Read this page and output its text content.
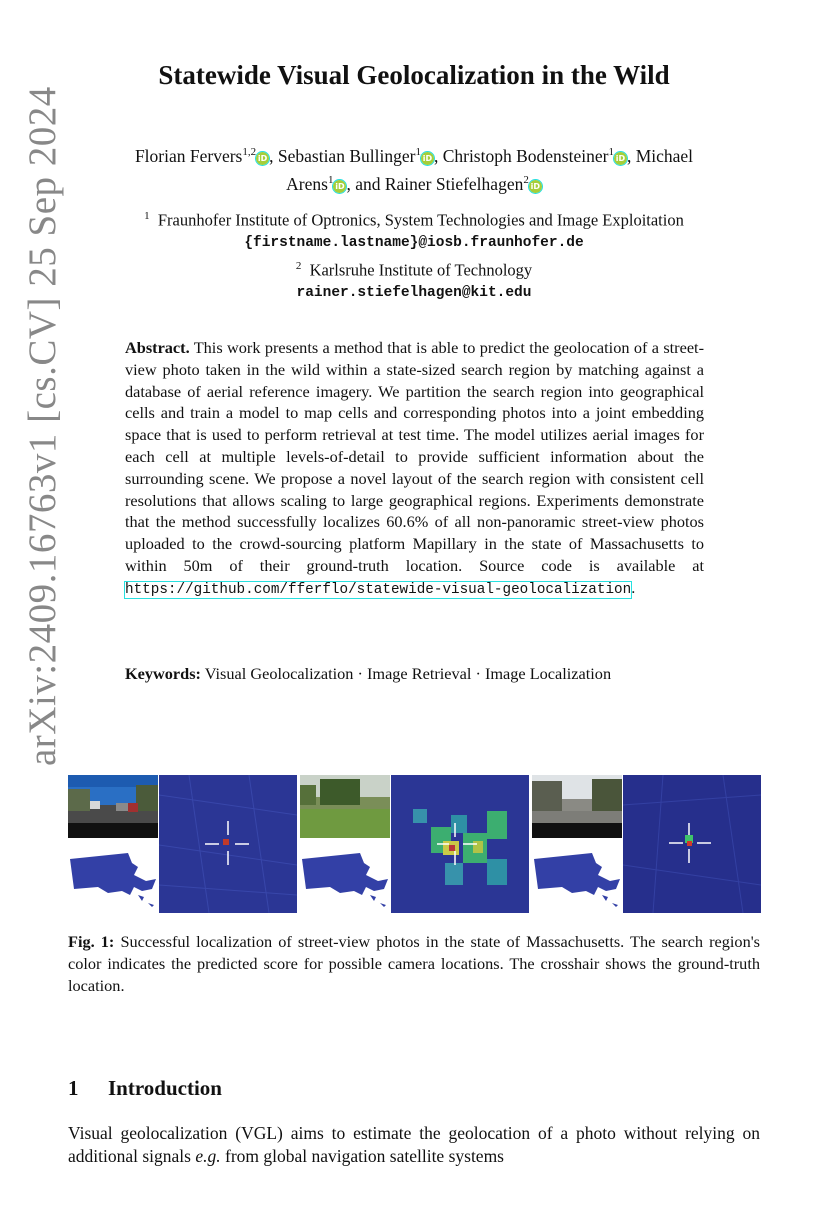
arXiv:2409.16763v1 [cs.CV] 25 Sep 2024
Statewide Visual Geolocalization in the Wild
Florian Fervers$^{1,2}$iD , Sebastian Bullinger$^1$iD , Christoph Bodensteiner$^1$iD , Michael
Arens$^1$iD , and Rainer Stiefelhagen$^2$iD
$^1$ Fraunhofer Institute of Optronics, System Technologies and Image Exploitation
{firstname.lastname}@iosb.fraunhofer.de
$^2$ Karlsruhe Institute of Technology
rainer.stiefelhagen@kit.edu
Abstract. This work presents a method that is able to predict the geolocation of a street-view photo taken in the wild within a state-sized search region by matching against a database of aerial reference imagery. We partition the search region into geographical cells and train a model to map cells and corresponding photos into a joint embedding space that is used to perform retrieval at test time. The model utilizes aerial images for each cell at multiple levels-of-detail to provide sufficient information about the surrounding scene. We propose a novel layout of the search region with consistent cell resolutions that allows scaling to large geographical regions. Experiments demonstrate that the method successfully localizes 60.6% of all non-panoramic street-view photos uploaded to the crowd-sourcing platform Mapillary in the state of Massachusetts to within 50m of their ground-truth location. Source code is available at https://github.com/fferflo/statewide-visual-geolocalization.
Keywords: Visual Geolocalization · Image Retrieval · Image Localization
Fig. 1: Successful localization of street-view photos in the state of Massachusetts. The search region's color indicates the predicted score for possible camera locations. The crosshair shows the ground-truth location.
1 Introduction
Visual geolocalization (VGL) aims to estimate the geolocation of a photo without relying on additional signals e.g. from global navigation satellite systems
